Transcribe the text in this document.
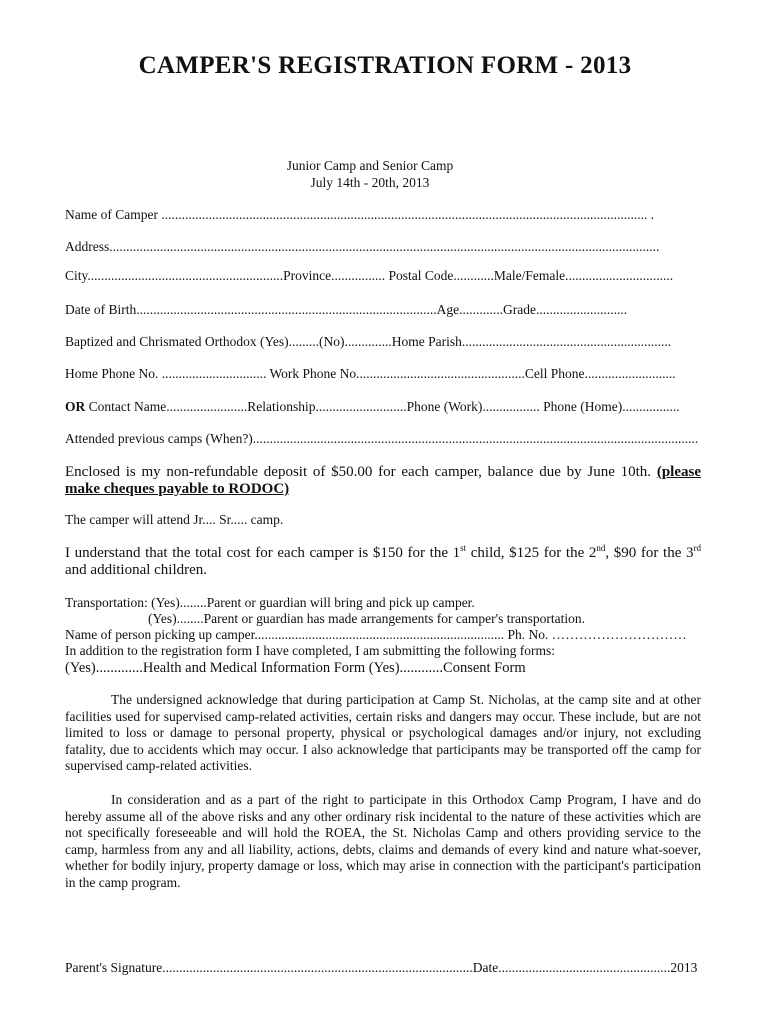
CAMPER'S REGISTRATION FORM - 2013
Junior Camp and Senior Camp
July 14th - 20th, 2013
Name of Camper ................................................................................................................................................ .
Address...................................................................................................................................................................
City..........................................................Province................ Postal Code............Male/Female................................
Date of Birth.........................................................................................Age.............Grade...........................
Baptized and Chrismated Orthodox (Yes).........(No)..............Home Parish..............................................................
Home Phone No. ............................... Work Phone No..................................................Cell Phone...........................
OR Contact Name........................Relationship...........................Phone (Work)................. Phone (Home).................
Attended previous camps (When?)....................................................................................................................................
Enclosed is my non-refundable deposit of $50.00 for each camper, balance due by June 10th. (please make cheques payable to RODOC)
The camper will attend Jr.... Sr..... camp.
I understand that the total cost for each camper is $150 for the 1st child, $125 for the 2nd, $90 for the 3rd and additional children.
Transportation: (Yes)........Parent or guardian will bring and pick up camper.
(Yes)........Parent or guardian has made arrangements for camper's transportation.
Name of person picking up camper.......................................................................... Ph. No. …………………………
In addition to the registration form I have completed, I am submitting the following forms:
(Yes).............Health and Medical Information Form (Yes)............Consent Form
The undersigned acknowledge that during participation at Camp St. Nicholas, at the camp site and at other facilities used for supervised camp-related activities, certain risks and dangers may occur. These include, but are not limited to loss or damage to personal property, physical or psychological damages and/or injury, not excluding fatality, due to accidents which may occur. I also acknowledge that participants may be transported off the camp for supervised camp-related activities.
In consideration and as a part of the right to participate in this Orthodox Camp Program, I have and do hereby assume all of the above risks and any other ordinary risk incidental to the nature of these activities which are not specifically foreseeable and will hold the ROEA, the St. Nicholas Camp and others providing service to the camp, harmless from any and all liability, actions, debts, claims and demands of every kind and nature what-soever, whether for bodily injury, property damage or loss, which may arise in connection with the participant's participation in the camp program.
Parent's Signature............................................................................................Date...................................................2013
